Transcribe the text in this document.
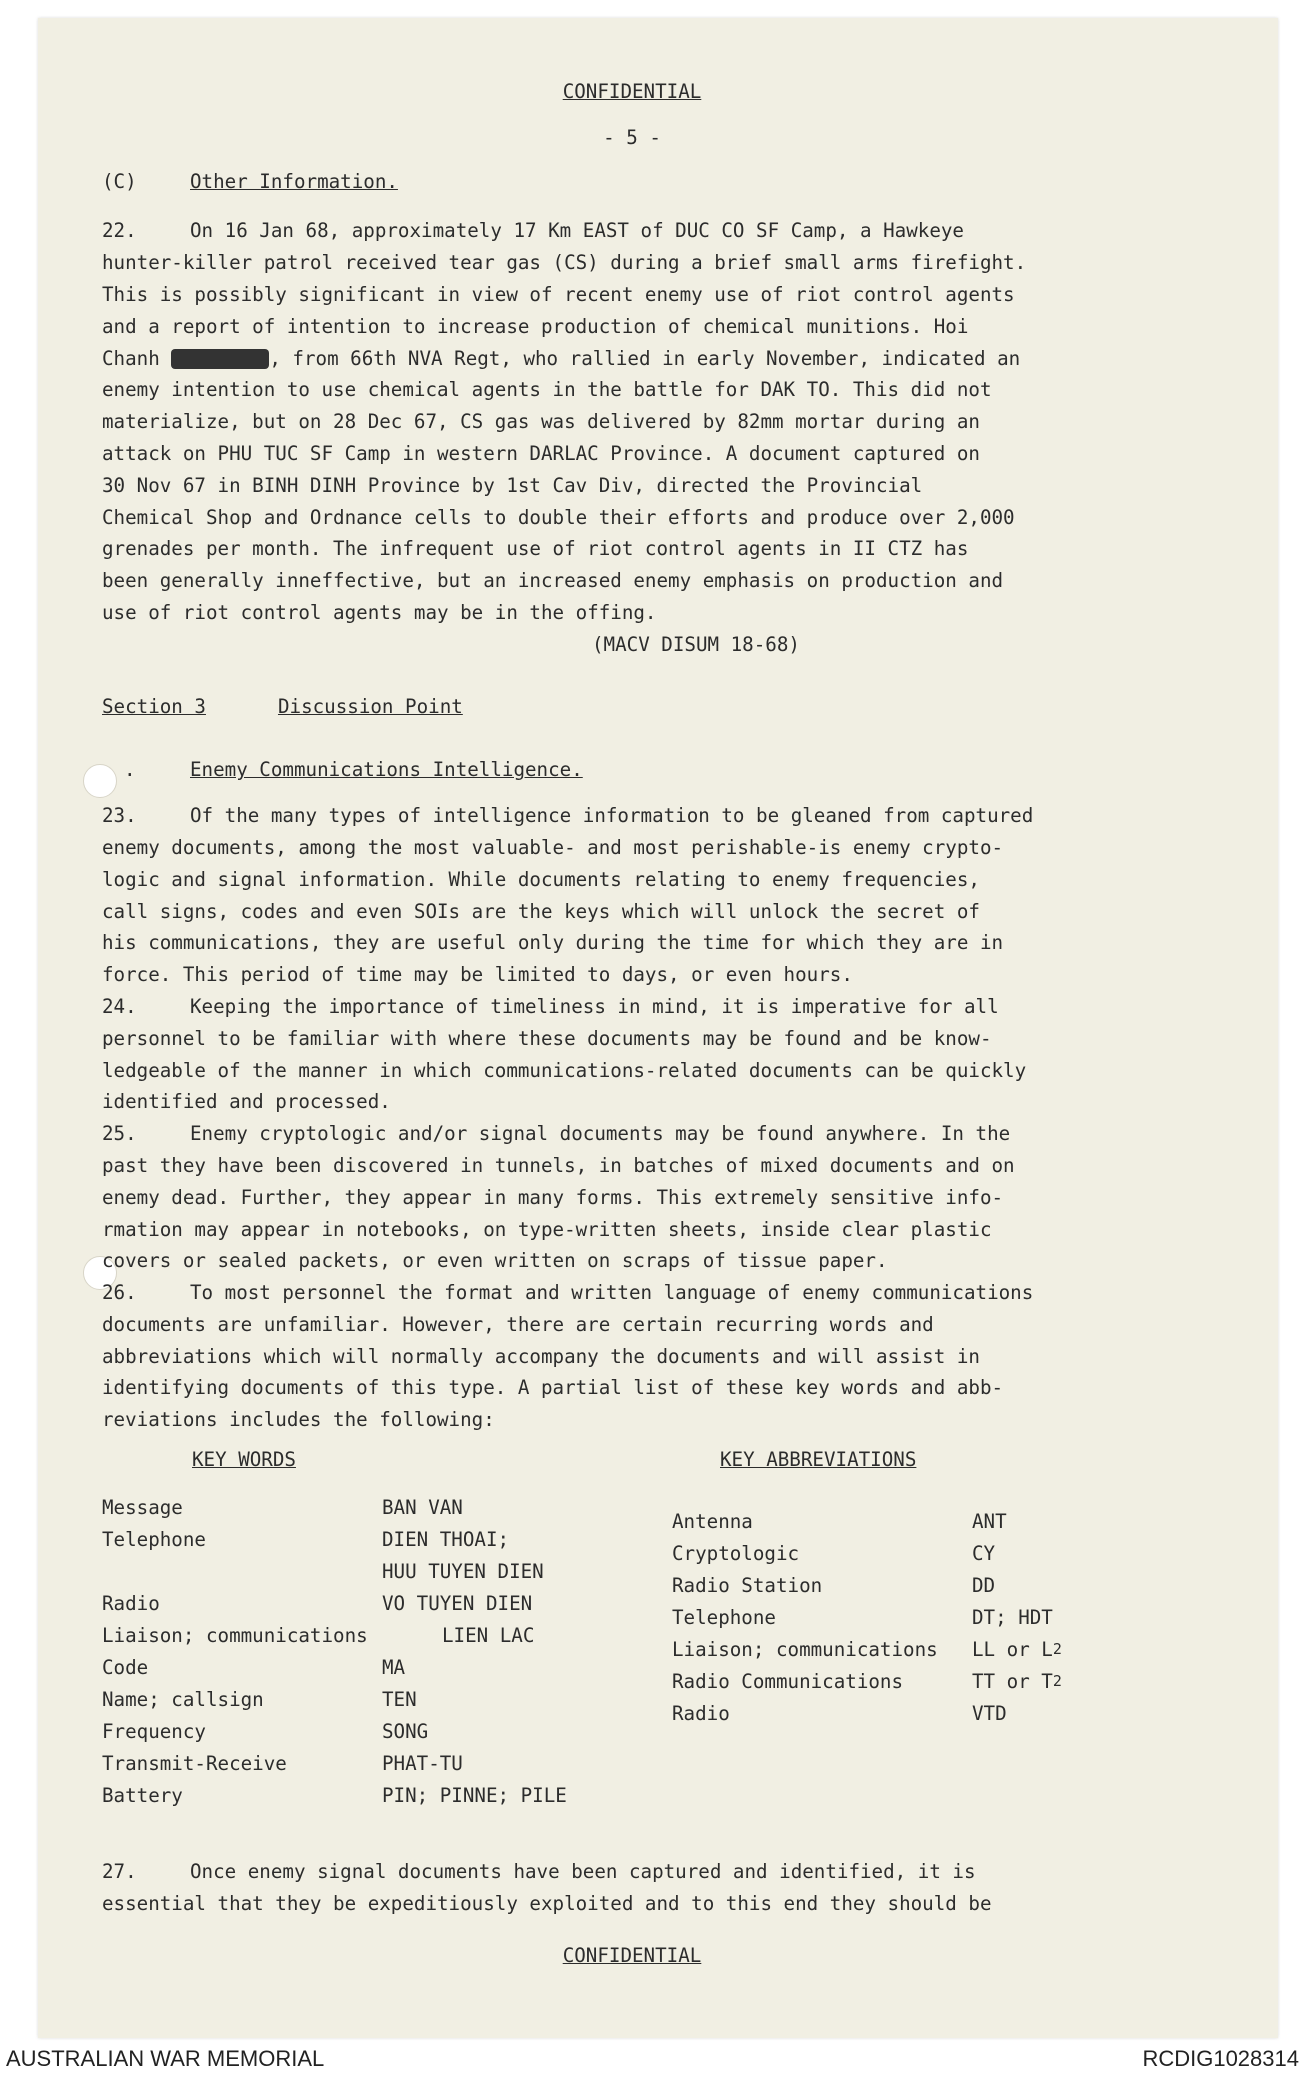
CONFIDENTIAL

- 5 -

(C)	Other Information.

22.	On 16 Jan 68, approximately 17 Km EAST of DUC CO SF Camp, a Hawkeye
hunter-killer patrol received tear gas (CS) during a brief small arms firefight.
This is possibly significant in view of recent enemy use of riot control agents
and a report of intention to increase production of chemical munitions. Hoi
Chanh	, from 66th NVA Regt, who rallied in early November, indicated an
enemy intention to use chemical agents in the battle for DAK TO. This did not
materialize, but on 28 Dec 67, CS gas was delivered by 82mm mortar during an
attack on PHU TUC SF Camp in western DARLAC Province. A document captured on
30 Nov 67 in BINH DINH Province by 1st Cav Div, directed the Provincial
Chemical Shop and Ordnance cells to double their efforts and produce over 2,000
grenades per month. The infrequent use of riot control agents in II CTZ has
been generally inneffective, but an increased enemy emphasis on production and
use of riot control agents may be in the offing.

(MACV DISUM 18-68)

Section 3	Discussion Point

.	Enemy Communications Intelligence.

23.	Of the many types of intelligence information to be gleaned from captured
enemy documents, among the most valuable- and most perishable-is enemy crypto-
logic and signal information. While documents relating to enemy frequencies,
call signs, codes and even SOIs are the keys which will unlock the secret of
his communications, they are useful only during the time for which they are in
force. This period of time may be limited to days, or even hours.

24.	Keeping the importance of timeliness in mind, it is imperative for all
personnel to be familiar with where these documents may be found and be know-
ledgeable of the manner in which communications-related documents can be quickly
identified and processed.

25.	Enemy cryptologic and/or signal documents may be found anywhere. In the
past they have been discovered in tunnels, in batches of mixed documents and on
enemy dead. Further, they appear in many forms. This extremely sensitive info-
rmation may appear in notebooks, on type-written sheets, inside clear plastic
covers or sealed packets, or even written on scraps of tissue paper.

26.	To most personnel the format and written language of enemy communications
documents are unfamiliar. However, there are certain recurring words and
abbreviations which will normally accompany the documents and will assist in
identifying documents of this type. A partial list of these key words and abb-
reviations includes the following:

KEY WORDS

Message	BAN VAN
Telephone	DIEN THOAI;
HUU TUYEN DIEN
Radio	VO TUYEN DIEN
Liaison; communications	LIEN LAC
Code	MA
Name; callsign	TEN
Frequency	SONG
Transmit-Receive	PHAT-TU
Battery	PIN; PINNE; PILE

KEY ABBREVIATIONS

Antenna	ANT
Cryptologic	CY
Radio Station	DD
Telephone	DT; HDT
Liaison; communications	LL or L 2
Radio Communications	TT or T 2
Radio	VTD

27.	Once enemy signal documents have been captured and identified, it is
essential that they be expeditiously exploited and to this end they should be

CONFIDENTIAL

AUSTRALIAN WAR MEMORIAL	RCDIG1028314
